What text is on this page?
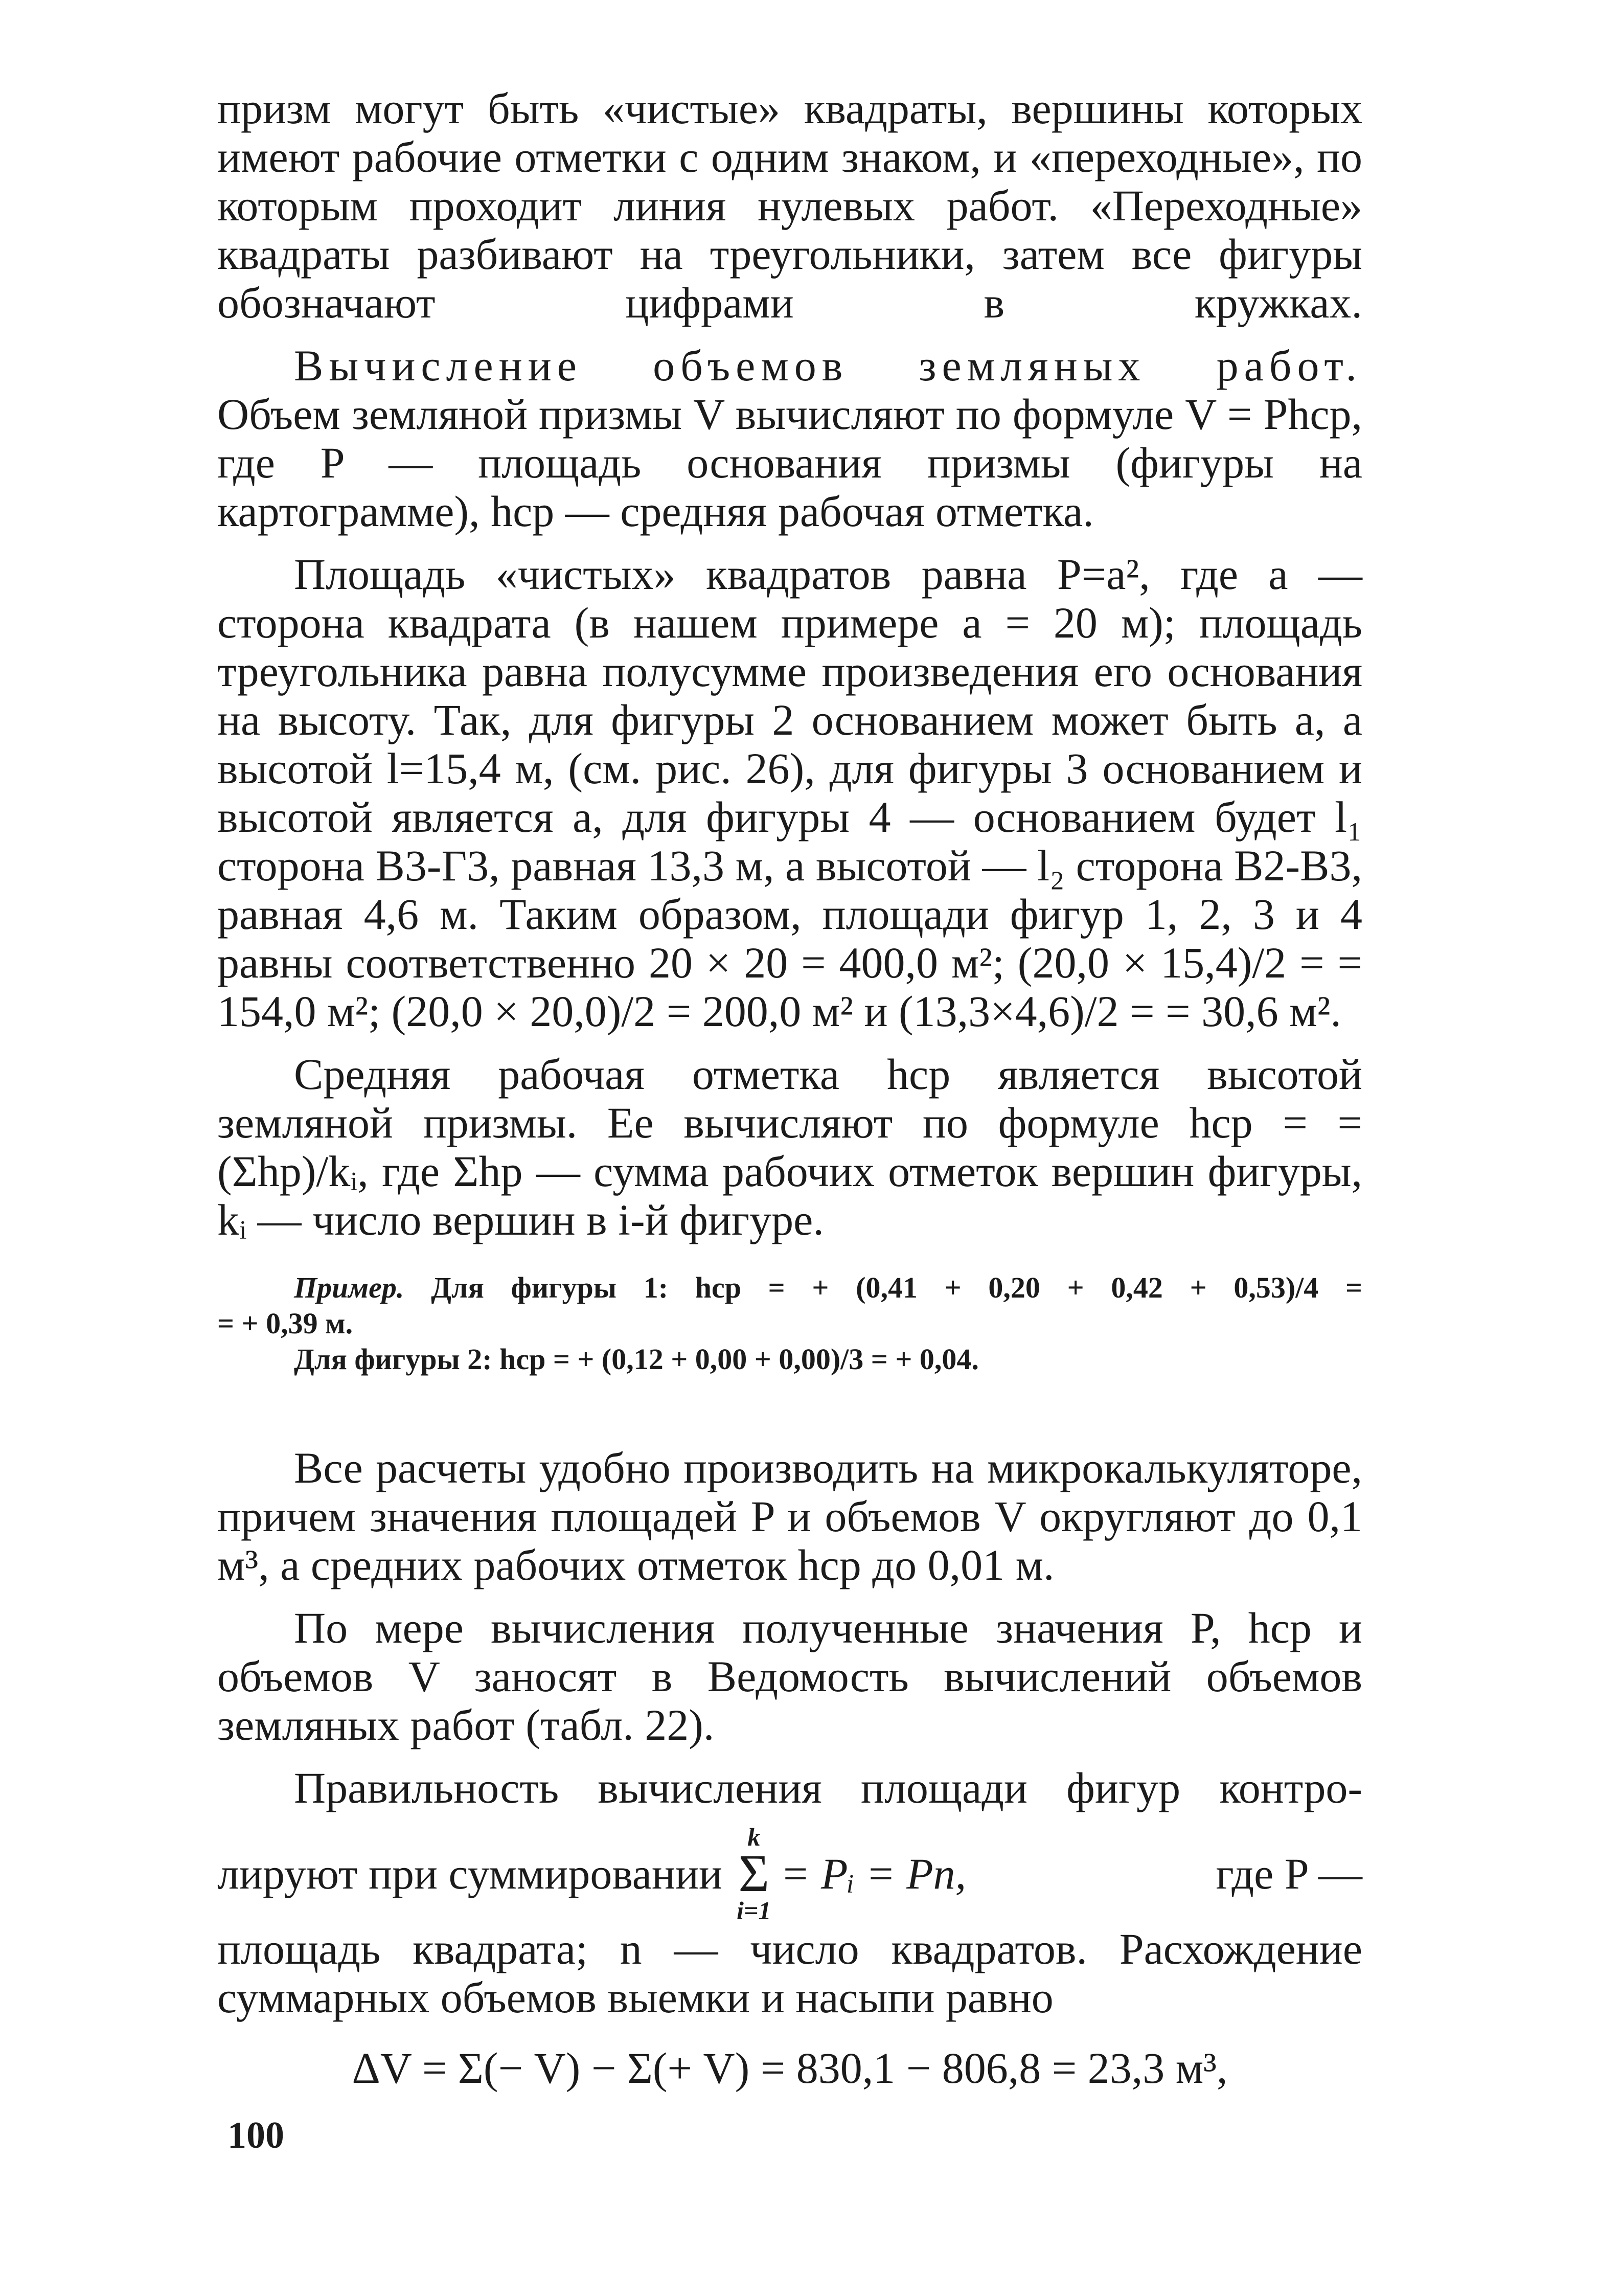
призм могут быть «чистые» квадраты, вершины которых имеют рабочие отметки с одним знаком, и «переходные», по которым проходит линия нулевых работ. «Переходные» квадраты разбивают на треугольники, затем все фигуры обозначают цифрами в кружках.

Вычисление объемов земляных работ.

Объем земляной призмы V вычисляют по формуле V = Phср, где P — площадь основания призмы (фигуры на картограмме), hср — средняя рабочая отметка.

Площадь «чистых» квадратов равна P=a², где a — сторона квадрата (в нашем примере a = 20 м); площадь треугольника равна полусумме произведения его основания на высоту. Так, для фигуры 2 основанием может быть a, а высотой l=15,4 м, (см. рис. 26), для фигуры 3 основанием и высотой является a, для фигуры 4 — основанием будет l₁ сторона В3-Г3, равная 13,3 м, а высотой — l₂ сторона В2-В3, равная 4,6 м. Таким образом, площади фигур 1, 2, 3 и 4 равны соответственно 20 × 20 = 400,0 м²; (20,0 × 15,4)/2 = = 154,0 м²; (20,0 × 20,0)/2 = 200,0 м² и (13,3×4,6)/2 = = 30,6 м².

Средняя рабочая отметка hср является высотой земляной призмы. Ее вычисляют по формуле hср = = (Σhр)/kᵢ, где Σhр — сумма рабочих отметок вершин фигуры, kᵢ — число вершин в i-й фигуре.

Пример. Для фигуры 1: hср = + (0,41 + 0,20 + 0,42 + 0,53)/4 =

= + 0,39 м.

Для фигуры 2: hср = + (0,12 + 0,00 + 0,00)/3 = + 0,04.

Все расчеты удобно производить на микрокалькуляторе, причем значения площадей P и объемов V округляют до 0,1 м³, а средних рабочих отметок hср до 0,01 м.

По мере вычисления полученные значения P, hср и объемов V заносят в Ведомость вычислений объемов земляных работ (табл. 22).

Правильность вычисления площади фигур контро-

лируют при суммировании
k
Σ
i=1
= Pᵢ = Pn,	где P —

площадь квадрата; n — число квадратов. Расхождение суммарных объемов выемки и насыпи равно

ΔV = Σ(− V) − Σ(+ V) = 830,1 − 806,8 = 23,3 м³,

100
